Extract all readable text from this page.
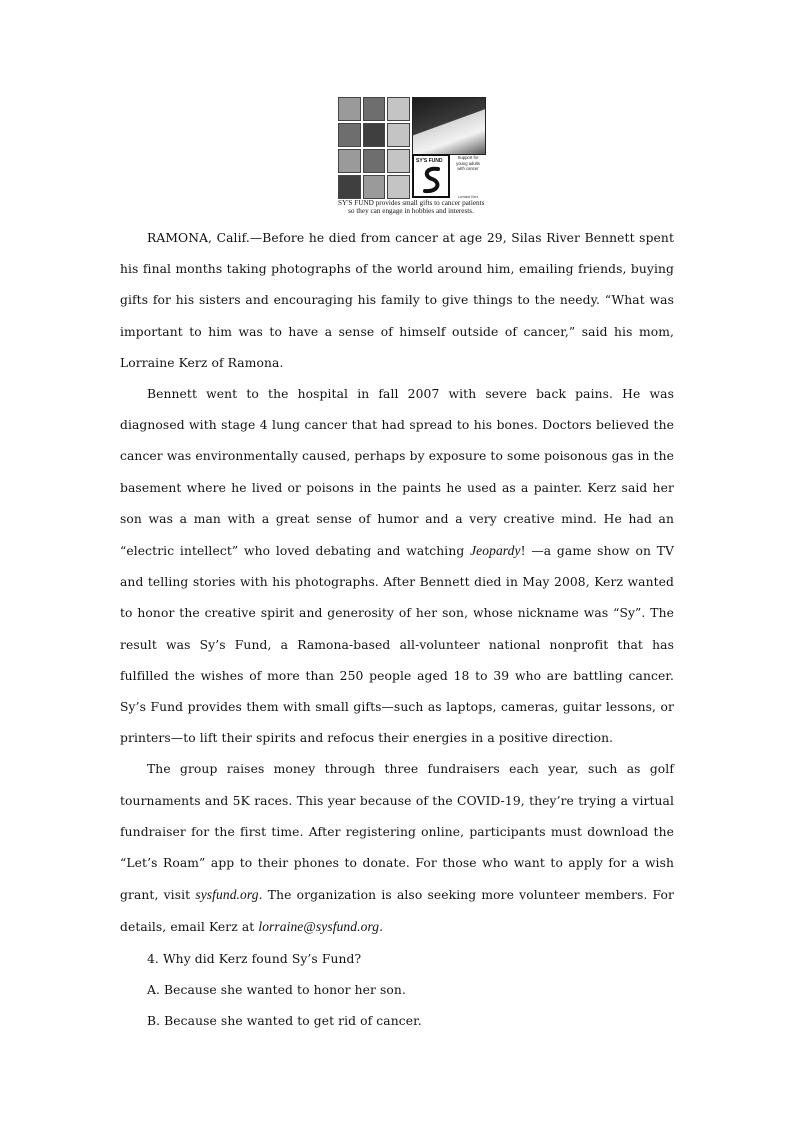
SY'S FUND
Support for young adults with cancer
Lorraine Kerz
SY'S FUND provides small gifts to cancer patients
so they can engage in hobbies and interests.

RAMONA, Calif.—Before he died from cancer at age 29, Silas River Bennett spent his final months taking photographs of the world around him, emailing friends, buying gifts for his sisters and encouraging his family to give things to the needy. “What was important to him was to have a sense of himself outside of cancer,” said his mom, Lorraine Kerz of Ramona.

Bennett went to the hospital in fall 2007 with severe back pains. He was diagnosed with stage 4 lung cancer that had spread to his bones. Doctors believed the cancer was environmentally caused, perhaps by exposure to some poisonous gas in the basement where he lived or poisons in the paints he used as a painter. Kerz said her son was a man with a great sense of humor and a very creative mind. He had an “electric intellect” who loved debating and watching Jeopardy! —a game show on TV and telling stories with his photographs. After Bennett died in May 2008, Kerz wanted to honor the creative spirit and generosity of her son, whose nickname was “Sy”. The result was Sy’s Fund, a Ramona-based all-volunteer national nonprofit that has fulfilled the wishes of more than 250 people aged 18 to 39 who are battling cancer. Sy’s Fund provides them with small gifts—such as laptops, cameras, guitar lessons, or printers—to lift their spirits and refocus their energies in a positive direction.

The group raises money through three fundraisers each year, such as golf tournaments and 5K races. This year because of the COVID-19, they’re trying a virtual fundraiser for the first time. After registering online, participants must download the “Let’s Roam” app to their phones to donate. For those who want to apply for a wish grant, visit sysfund.org. The organization is also seeking more volunteer members. For details, email Kerz at lorraine@sysfund.org.

4. Why did Kerz found Sy’s Fund?

A. Because she wanted to honor her son.

B. Because she wanted to get rid of cancer.
